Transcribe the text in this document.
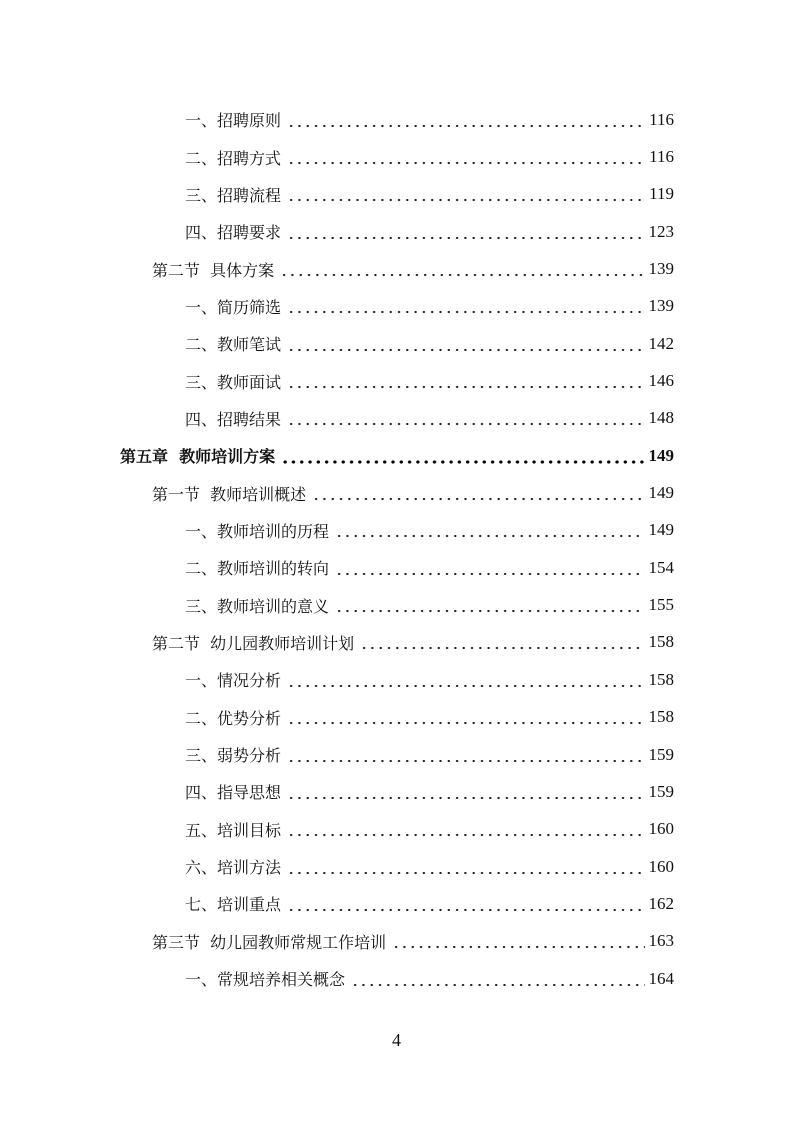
一、招聘原则	116
二、招聘方式	116
三、招聘流程	119
四、招聘要求	123
第二节  具体方案	139
一、简历筛选	139
二、教师笔试	142
三、教师面试	146
四、招聘结果	148
第五章  教师培训方案	149
第一节  教师培训概述	149
一、教师培训的历程	149
二、教师培训的转向	154
三、教师培训的意义	155
第二节  幼儿园教师培训计划	158
一、情况分析	158
二、优势分析	158
三、弱势分析	159
四、指导思想	159
五、培训目标	160
六、培训方法	160
七、培训重点	162
第三节  幼儿园教师常规工作培训	163
一、常规培养相关概念	164
4
